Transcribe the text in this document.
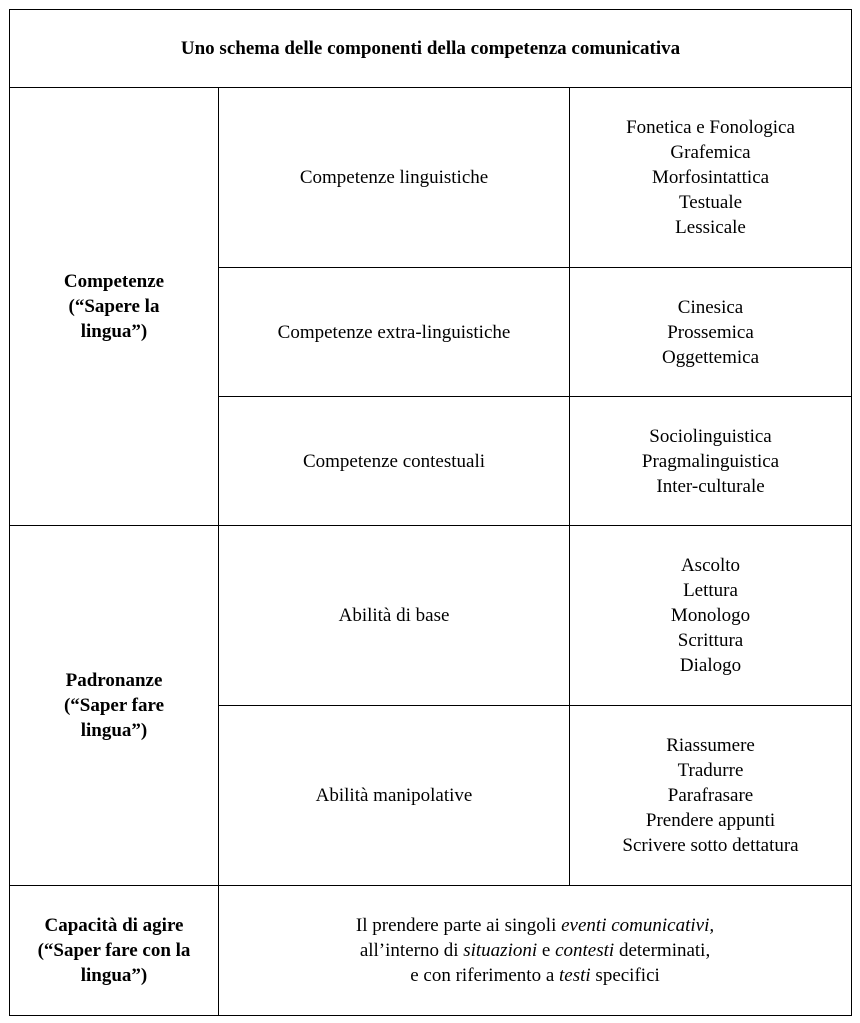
Uno schema delle componenti della competenza comunicativa		

Competenze
(“Sapere la
lingua”)	Competenze linguistiche	Fonetica e Fonologica
Grafemica
Morfosintattica
Testuale
Lessicale

	Competenze extra-linguistiche	Cinesica
Prossemica
Oggettemica

	Competenze contestuali	Sociolinguistica
Pragmalinguistica
Inter-culturale

Padronanze
(“Saper fare
lingua”)	Abilità di base	Ascolto
Lettura
Monologo
Scrittura
Dialogo

	Abilità manipolative	Riassumere
Tradurre
Parafrasare
Prendere appunti
Scrivere sotto dettatura

Capacità di agire
(“Saper fare con la
lingua”)	Il prendere parte ai singoli eventi comunicativi,
all’interno di situazioni e contesti determinati,
e con riferimento a testi specifici	
